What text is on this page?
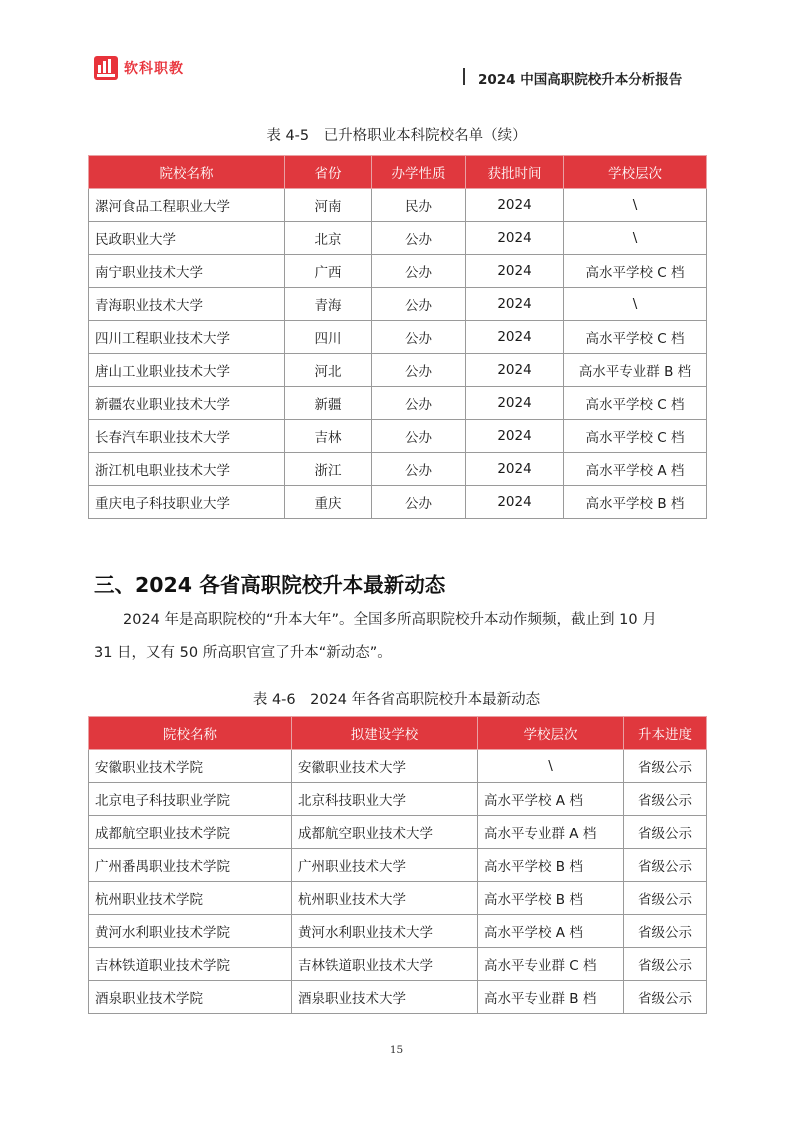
软科职教
2024 中国高职院校升本分析报告
表 4-5　已升格职业本科院校名单（续）
院校名称	省份	办学性质	获批时间	学校层次
漯河食品工程职业大学	河南	民办	2024	\
民政职业大学	北京	公办	2024	\
南宁职业技术大学	广西	公办	2024	高水平学校 C 档
青海职业技术大学	青海	公办	2024	\
四川工程职业技术大学	四川	公办	2024	高水平学校 C 档
唐山工业职业技术大学	河北	公办	2024	高水平专业群 B 档
新疆农业职业技术大学	新疆	公办	2024	高水平学校 C 档
长春汽车职业技术大学	吉林	公办	2024	高水平学校 C 档
浙江机电职业技术大学	浙江	公办	2024	高水平学校 A 档
重庆电子科技职业大学	重庆	公办	2024	高水平学校 B 档
三、2024 各省高职院校升本最新动态

2024 年是高职院校的“升本大年”。全国多所高职院校升本动作频频，截止到 10 月

31 日，又有 50 所高职官宣了升本“新动态”。

表 4-6　2024 年各省高职院校升本最新动态
院校名称	拟建设学校	学校层次	升本进度
安徽职业技术学院	安徽职业技术大学	\	省级公示
北京电子科技职业学院	北京科技职业大学	高水平学校 A 档	省级公示
成都航空职业技术学院	成都航空职业技术大学	高水平专业群 A 档	省级公示
广州番禺职业技术学院	广州职业技术大学	高水平学校 B 档	省级公示
杭州职业技术学院	杭州职业技术大学	高水平学校 B 档	省级公示
黄河水利职业技术学院	黄河水利职业技术大学	高水平学校 A 档	省级公示
吉林铁道职业技术学院	吉林铁道职业技术大学	高水平专业群 C 档	省级公示
酒泉职业技术学院	酒泉职业技术大学	高水平专业群 B 档	省级公示
15
